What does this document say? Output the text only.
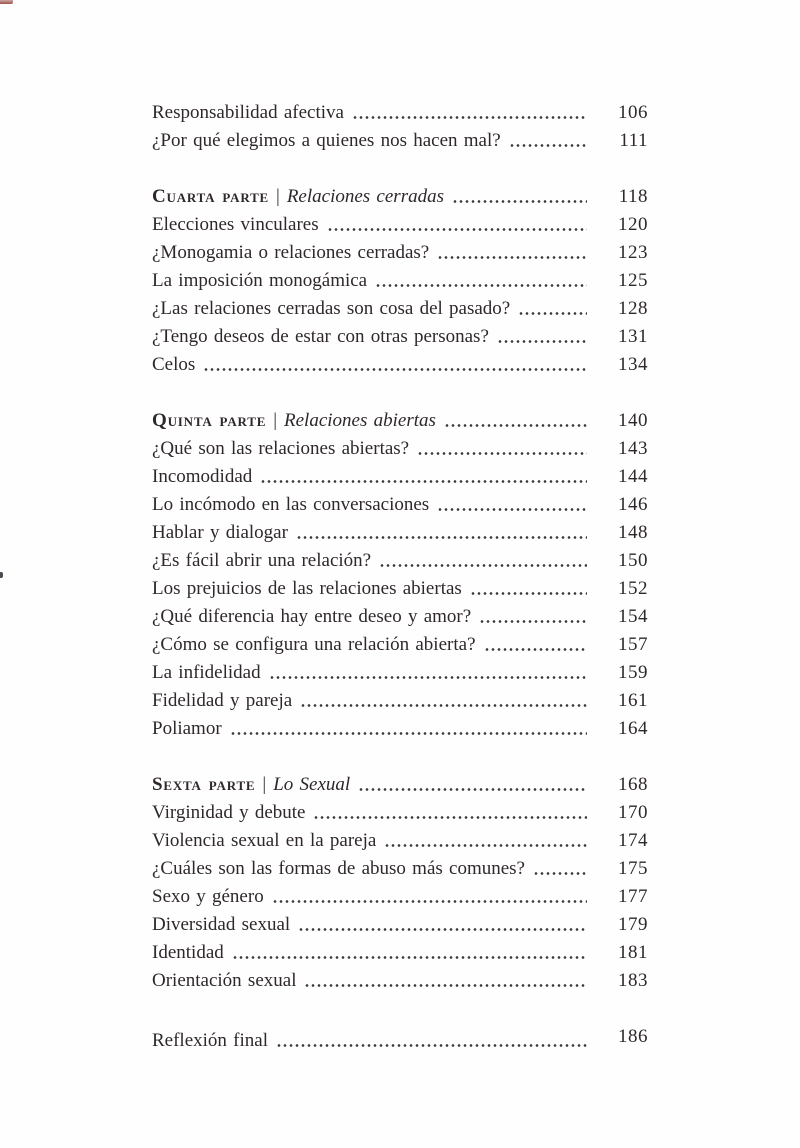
Responsabilidad afectiva	106
¿Por qué elegimos a quienes nos hacen mal?	111
Cuarta parte | Relaciones cerradas	118
Elecciones vinculares	120
¿Monogamia o relaciones cerradas?	123
La imposición monogámica	125
¿Las relaciones cerradas son cosa del pasado?	128
¿Tengo deseos de estar con otras personas?	131
Celos	134
Quinta parte | Relaciones abiertas	140
¿Qué son las relaciones abiertas?	143
Incomodidad	144
Lo incómodo en las conversaciones	146
Hablar y dialogar	148
¿Es fácil abrir una relación?	150
Los prejuicios de las relaciones abiertas	152
¿Qué diferencia hay entre deseo y amor?	154
¿Cómo se configura una relación abierta?	157
La infidelidad	159
Fidelidad y pareja	161
Poliamor	164
Sexta parte | Lo Sexual	168
Virginidad y debute	170
Violencia sexual en la pareja	174
¿Cuáles son las formas de abuso más comunes?	175
Sexo y género	177
Diversidad sexual	179
Identidad	181
Orientación sexual	183
Reflexión final	186
